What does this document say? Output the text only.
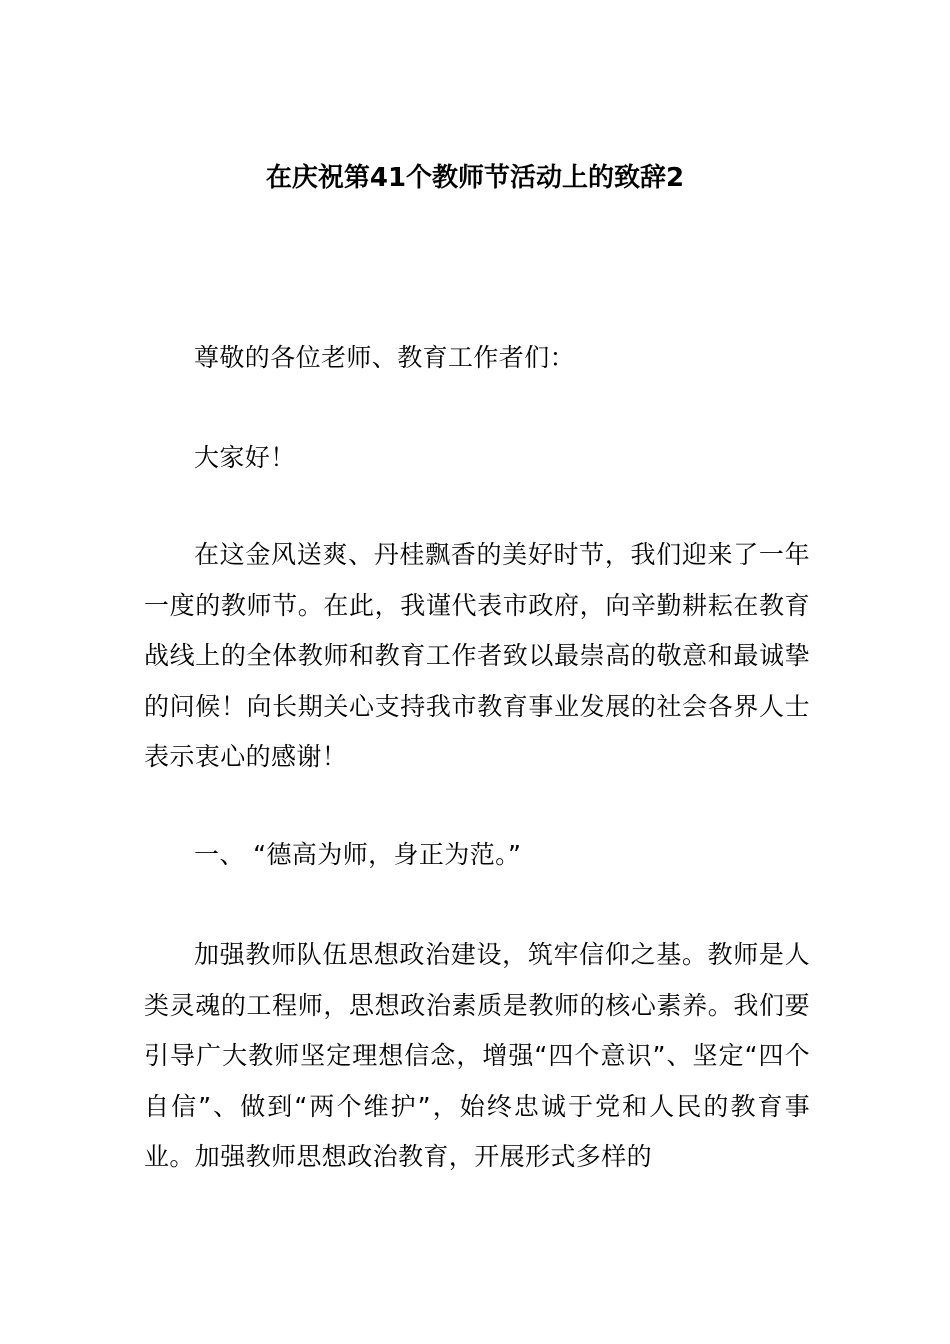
在庆祝第41个教师节活动上的致辞2
尊敬的各位老师、教育工作者们：
大家好！
在这金风送爽、丹桂飘香的美好时节，我们迎来了一年一度的教师节。在此，我谨代表市政府，向辛勤耕耘在教育战线上的全体教师和教育工作者致以最崇高的敬意和最诚挚的问候！向长期关心支持我市教育事业发展的社会各界人士表示衷心的感谢！
一、 “德高为师，身正为范。”
加强教师队伍思想政治建设，筑牢信仰之基。教师是人类灵魂的工程师，思想政治素质是教师的核心素养。我们要引导广大教师坚定理想信念，增强“四个意识”、坚定“四个自信”、做到“两个维护”，始终忠诚于党和人民的教育事业。加强教师思想政治教育，开展形式多样的
